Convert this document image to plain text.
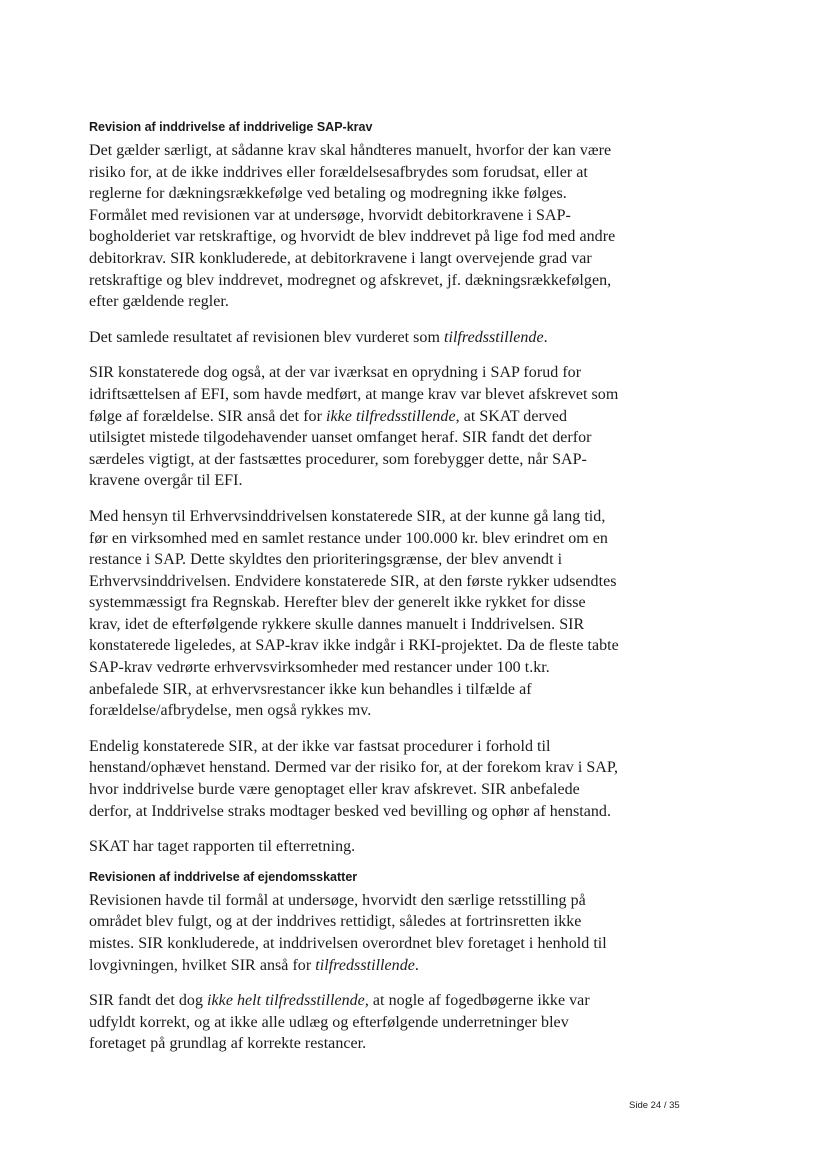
Revision af inddrivelse af inddrivelige SAP-krav

Det gælder særligt, at sådanne krav skal håndteres manuelt, hvorfor der kan være risiko for, at de ikke inddrives eller forældelsesafbrydes som forudsat, eller at reglerne for dækningsrækkefølge ved betaling og modregning ikke følges. Formålet med revisionen var at undersøge, hvorvidt debitorkravene i SAP-bogholderiet var retskraftige, og hvorvidt de blev inddrevet på lige fod med andre debitorkrav. SIR konkluderede, at debitorkravene i langt overvejende grad var retskraftige og blev inddrevet, modregnet og afskrevet, jf. dækningsrækkefølgen, efter gældende regler.

Det samlede resultatet af revisionen blev vurderet som tilfredsstillende.

SIR konstaterede dog også, at der var iværksat en oprydning i SAP forud for idriftsættelsen af EFI, som havde medført, at mange krav var blevet afskrevet som følge af forældelse. SIR anså det for ikke tilfredsstillende, at SKAT derved utilsigtet mistede tilgodehavender uanset omfanget heraf. SIR fandt det derfor særdeles vigtigt, at der fastsættes procedurer, som forebygger dette, når SAP-kravene overgår til EFI.

Med hensyn til Erhvervsinddrivelsen konstaterede SIR, at der kunne gå lang tid, før en virksomhed med en samlet restance under 100.000 kr. blev erindret om en restance i SAP. Dette skyldtes den prioriteringsgrænse, der blev anvendt i Erhvervsinddrivelsen. Endvidere konstaterede SIR, at den første rykker udsendtes systemmæssigt fra Regnskab. Herefter blev der generelt ikke rykket for disse krav, idet de efterfølgende rykkere skulle dannes manuelt i Inddrivelsen. SIR konstaterede ligeledes, at SAP-krav ikke indgår i RKI-projektet. Da de fleste tabte SAP-krav vedrørte erhvervsvirksomheder med restancer under 100 t.kr. anbefalede SIR, at erhvervsrestancer ikke kun behandles i tilfælde af forældelse/afbrydelse, men også rykkes mv.

Endelig konstaterede SIR, at der ikke var fastsat procedurer i forhold til henstand/ophævet henstand. Dermed var der risiko for, at der forekom krav i SAP, hvor inddrivelse burde være genoptaget eller krav afskrevet. SIR anbefalede derfor, at Inddrivelse straks modtager besked ved bevilling og ophør af henstand.

SKAT har taget rapporten til efterretning.

Revisionen af inddrivelse af ejendomsskatter

Revisionen havde til formål at undersøge, hvorvidt den særlige retsstilling på området blev fulgt, og at der inddrives rettidigt, således at fortrinsretten ikke mistes. SIR konkluderede, at inddrivelsen overordnet blev foretaget i henhold til lovgivningen, hvilket SIR anså for tilfredsstillende.

SIR fandt det dog ikke helt tilfredsstillende, at nogle af fogedbøgerne ikke var udfyldt korrekt, og at ikke alle udlæg og efterfølgende underretninger blev foretaget på grundlag af korrekte restancer.

Side 24 / 35
